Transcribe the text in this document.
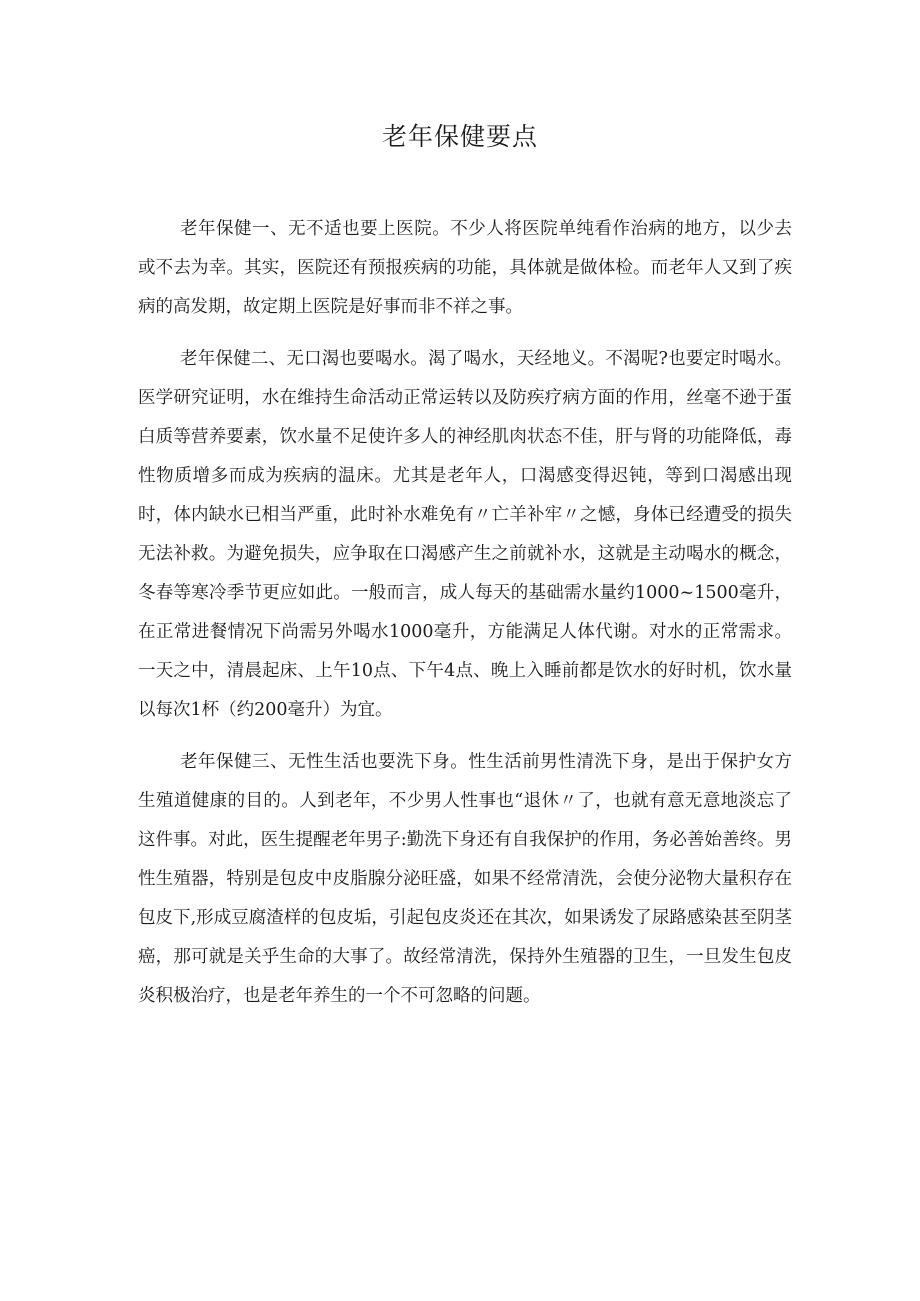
老年保健要点

老年保健一、无不适也要上医院。不少人将医院单纯看作治病的地方，以少去或不去为幸。其实，医院还有预报疾病的功能，具体就是做体检。而老年人又到了疾病的高发期，故定期上医院是好事而非不祥之事。

老年保健二、无口渴也要喝水。渴了喝水，天经地义。不渴呢?也要定时喝水。医学研究证明，水在维持生命活动正常运转以及防疾疗病方面的作用，丝毫不逊于蛋白质等营养要素，饮水量不足使许多人的神经肌肉状态不佳，肝与肾的功能降低，毒性物质增多而成为疾病的温床。尤其是老年人，口渴感变得迟钝，等到口渴感出现时，体内缺水已相当严重，此时补水难免有〃亡羊补牢〃之憾，身体已经遭受的损失无法补救。为避免损失，应争取在口渴感产生之前就补水，这就是主动喝水的概念，冬春等寒冷季节更应如此。一般而言，成人每天的基础需水量约1000~1500毫升，在正常进餐情况下尚需另外喝水1000毫升，方能满足人体代谢。对水的正常需求。一天之中，清晨起床、上午10点、下午4点、晚上入睡前都是饮水的好时机，饮水量以每次1杯（约200毫升）为宜。

老年保健三、无性生活也要洗下身。性生活前男性清洗下身，是出于保护女方生殖道健康的目的。人到老年，不少男人性事也“退休〃了，也就有意无意地淡忘了这件事。对此，医生提醒老年男子:勤洗下身还有自我保护的作用，务必善始善终。男性生殖器，特别是包皮中皮脂腺分泌旺盛，如果不经常清洗，会使分泌物大量积存在包皮下,形成豆腐渣样的包皮垢，引起包皮炎还在其次，如果诱发了尿路感染甚至阴茎癌，那可就是关乎生命的大事了。故经常清洗，保持外生殖器的卫生，一旦发生包皮炎积极治疗，也是老年养生的一个不可忽略的问题。
